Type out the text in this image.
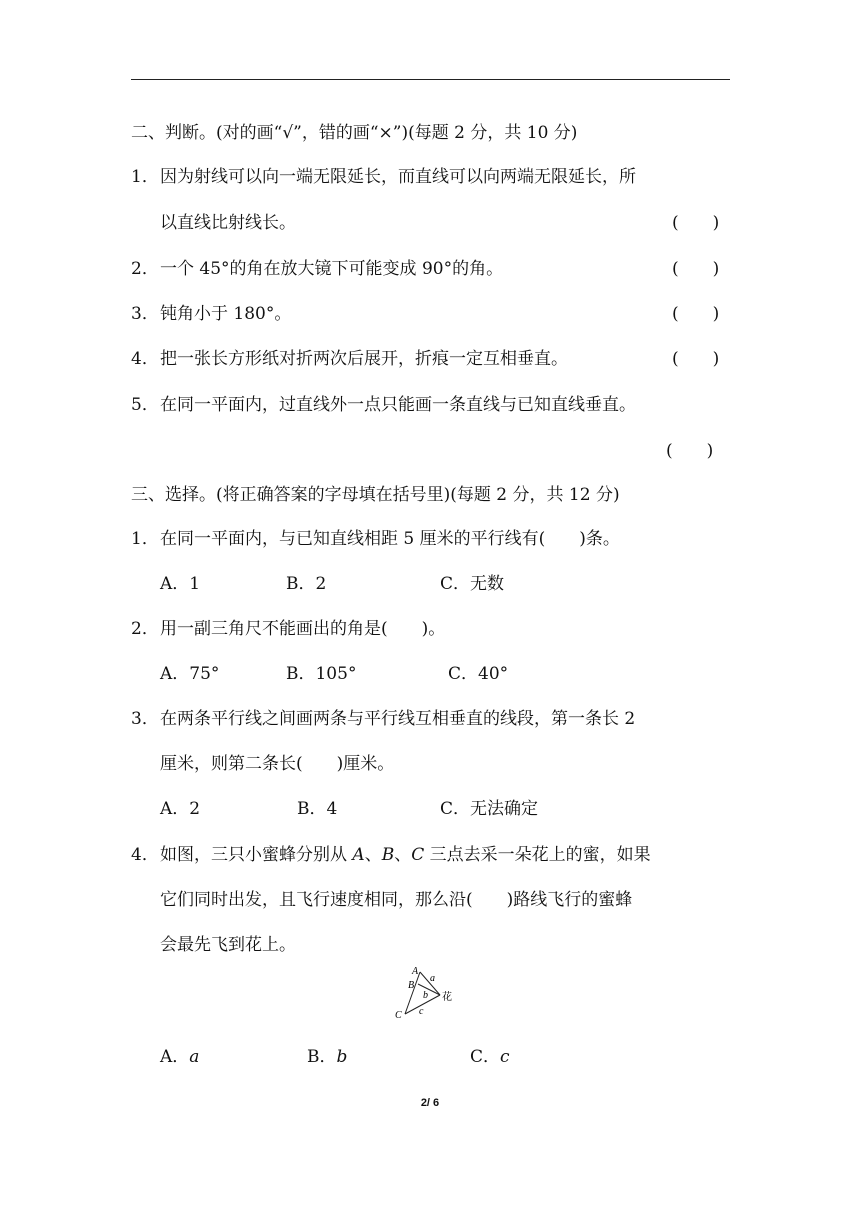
二、判断。(对的画“√”，错的画“×”)(每题 2 分，共 10 分)
1． 因为射线可以向一端无限延长，而直线可以向两端无限延长，所
以直线比射线长。	(　　)
2． 一个 45°的角在放大镜下可能变成 90°的角。	(　　)
3． 钝角小于 180°。	(　　)
4． 把一张长方形纸对折两次后展开，折痕一定互相垂直。	(　　)
5． 在同一平面内，过直线外一点只能画一条直线与已知直线垂直。
(　　)
三、选择。(将正确答案的字母填在括号里)(每题 2 分，共 12 分)
1． 在同一平面内，与已知直线相距 5 厘米的平行线有(　　)条。
A．1	B．2	C．无数
2． 用一副三角尺不能画出的角是(　　)。
A．75°	B．105°	C．40°
3． 在两条平行线之间画两条与平行线互相垂直的线段，第一条长 2
厘米，则第二条长(　　)厘米。
A．2	B．4	C．无法确定
4． 如图，三只小蜜蜂分别从 A、B、C 三点去采一朵花上的蜜，如果
它们同时出发，且飞行速度相同，那么沿(　　)路线飞行的蜜蜂
会最先飞到花上。
A
B
C
a
b
c
花
A．a	B．b	C．c
2/ 6
